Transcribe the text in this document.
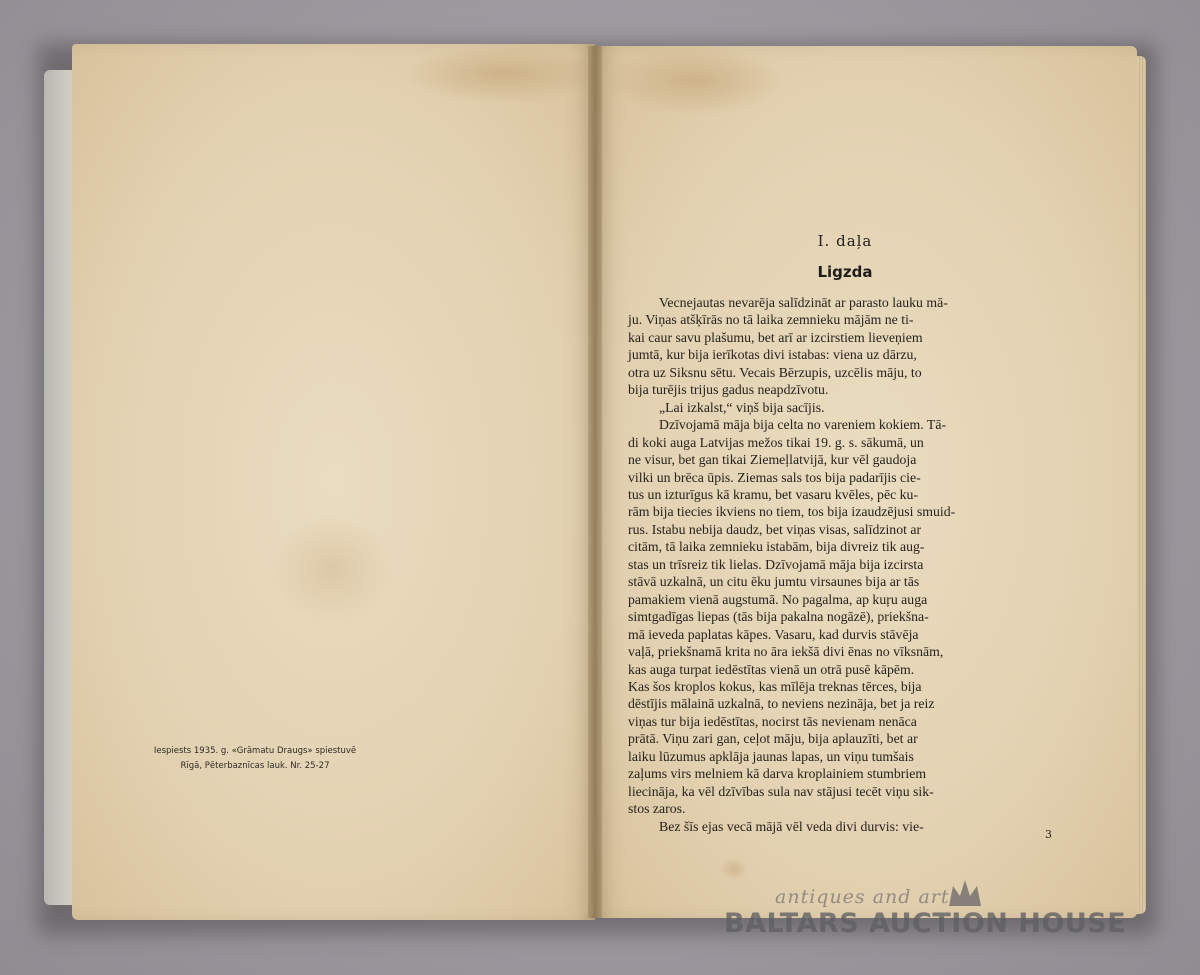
Iespiests 1935. g. «Grāmatu Draugs» spiestuvē
Rīgā, Pēterbaznīcas lauk. Nr. 25-27
I. daļa
Ligzda
Vecnejautas nevarēja salīdzināt ar parasto lauku mā-
ju. Viņas atšķīrās no tā laika zemnieku mājām ne ti-
kai caur savu plašumu, bet arī ar izcirstiem lieveņiem
jumtā, kur bija ierīkotas divi istabas: viena uz dārzu,
otra uz Siksnu sētu. Vecais Bērzupis, uzcēlis māju, to
bija turējis trijus gadus neapdzīvotu.
„Lai izkalst,“ viņš bija sacījis.
Dzīvojamā māja bija celta no vareniem kokiem. Tā-
di koki auga Latvijas mežos tikai 19. g. s. sākumā, un
ne visur, bet gan tikai Ziemeļlatvijā, kur vēl gaudoja
vilki un brēca ūpis. Ziemas sals tos bija padarījis cie-
tus un izturīgus kā kramu, bet vasaru kvēles, pēc ku-
rām bija tiecies ikviens no tiem, tos bija izaudzējusi smuid-
rus. Istabu nebija daudz, bet viņas visas, salīdzinot ar
citām, tā laika zemnieku istabām, bija divreiz tik aug-
stas un trīsreiz tik lielas. Dzīvojamā māja bija izcirsta
stāvā uzkalnā, un citu ēku jumtu virsaunes bija ar tās
pamakiem vienā augstumā. No pagalma, ap kuŗu auga
simtgadīgas liepas (tās bija pakalna nogāzē), priekšna-
mā ieveda paplatas kāpes. Vasaru, kad durvis stāvēja
vaļā, priekšnamā krita no āra iekšā divi ēnas no vīksnām,
kas auga turpat iedēstītas vienā un otrā pusē kāpēm.
Kas šos kroplos kokus, kas mīlēja treknas tērces, bija
dēstījis mālainā uzkalnā, to neviens nezināja, bet ja reiz
viņas tur bija iedēstītas, nocirst tās nevienam nenāca
prātā. Viņu zari gan, ceļot māju, bija aplauzīti, bet ar
laiku lūzumus apklāja jaunas lapas, un viņu tumšais
zaļums virs melniem kā darva kroplainiem stumbriem
liecināja, ka vēl dzīvības sula nav stājusi tecēt viņu sik-
stos zaros.
Bez šīs ejas vecā mājā vēl veda divi durvis: vie-
3
antiques and art
BALTARS AUCTION HOUSE
